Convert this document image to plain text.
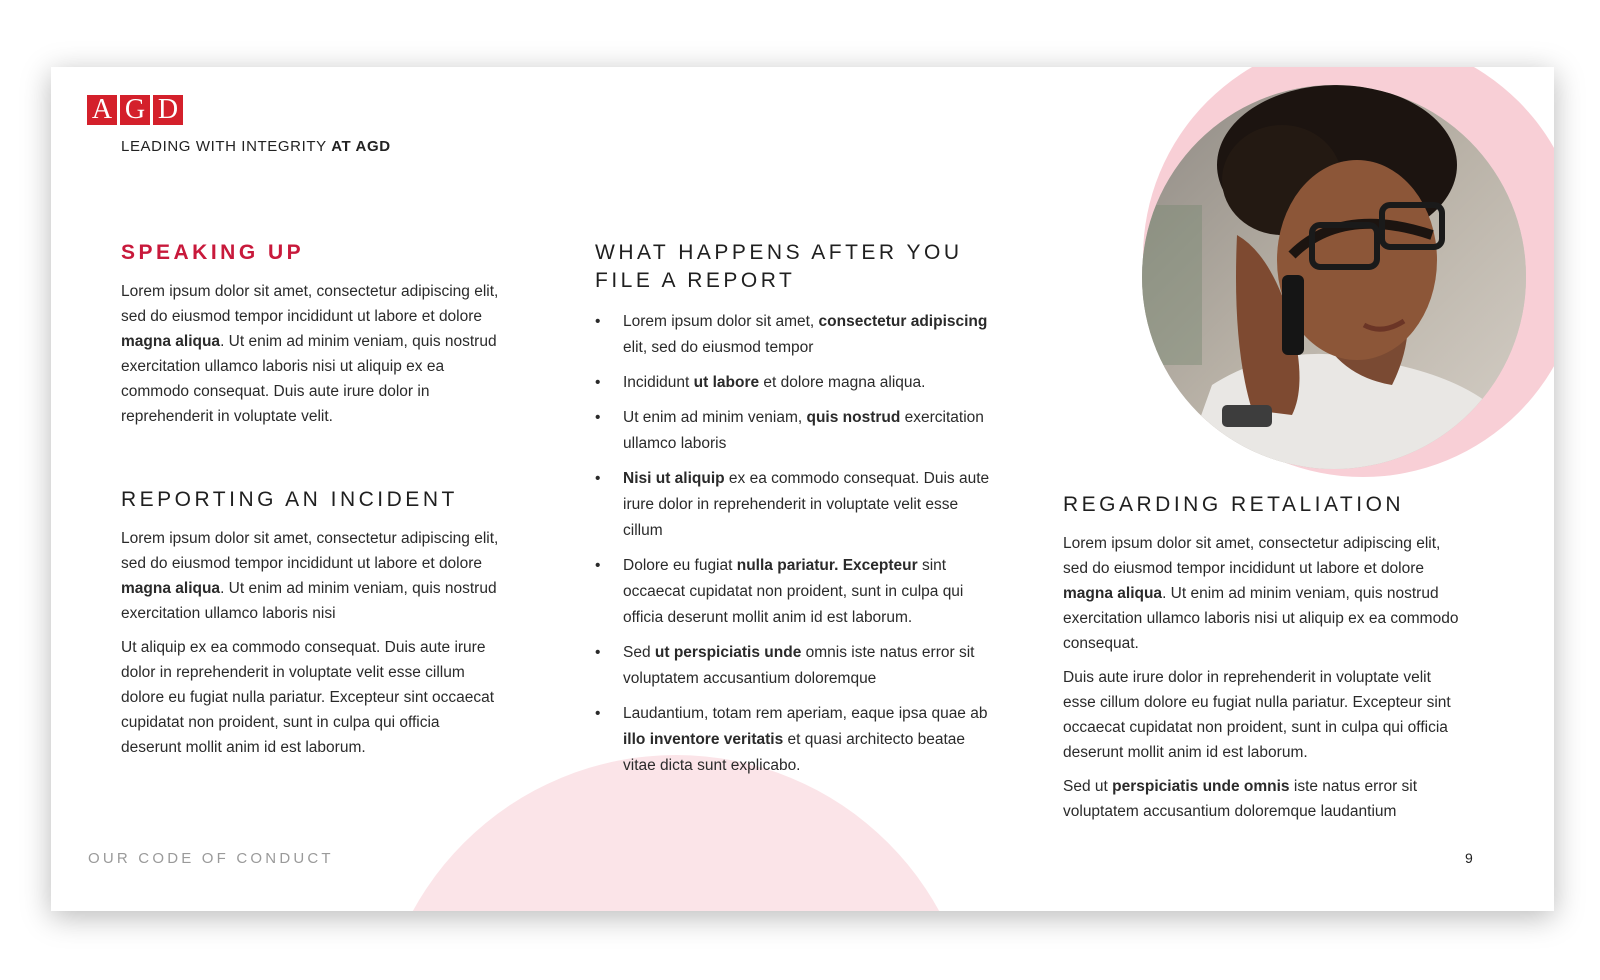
A G D
LEADING WITH INTEGRITY AT AGD
SPEAKING UP

Lorem ipsum dolor sit amet, consectetur adipiscing elit, sed do eiusmod tempor incididunt ut labore et dolore magna aliqua. Ut enim ad minim veniam, quis nostrud exercitation ullamco laboris nisi ut aliquip ex ea commodo consequat. Duis aute irure dolor in reprehenderit in voluptate velit.

REPORTING AN INCIDENT

Lorem ipsum dolor sit amet, consectetur adipiscing elit, sed do eiusmod tempor incididunt ut labore et dolore magna aliqua. Ut enim ad minim veniam, quis nostrud exercitation ullamco laboris nisi

Ut aliquip ex ea commodo consequat. Duis aute irure dolor in reprehenderit in voluptate velit esse cillum dolore eu fugiat nulla pariatur. Excepteur sint occaecat cupidatat non proident, sunt in culpa qui officia deserunt mollit anim id est laborum.

WHAT HAPPENS AFTER YOU
FILE A REPORT
• Lorem ipsum dolor sit amet, consectetur adipiscing elit, sed do eiusmod tempor
• Incididunt ut labore et dolore magna aliqua.
• Ut enim ad minim veniam, quis nostrud exercitation ullamco laboris
• Nisi ut aliquip ex ea commodo consequat. Duis aute irure dolor in reprehenderit in voluptate velit esse cillum
• Dolore eu fugiat nulla pariatur. Excepteur sint occaecat cupidatat non proident, sunt in culpa qui officia deserunt mollit anim id est laborum.
• Sed ut perspiciatis unde omnis iste natus error sit voluptatem accusantium doloremque
• Laudantium, totam rem aperiam, eaque ipsa quae ab illo inventore veritatis et quasi architecto beatae vitae dicta sunt explicabo.
REGARDING RETALIATION

Lorem ipsum dolor sit amet, consectetur adipiscing elit, sed do eiusmod tempor incididunt ut labore et dolore magna aliqua. Ut enim ad minim veniam, quis nostrud exercitation ullamco laboris nisi ut aliquip ex ea commodo consequat.

Duis aute irure dolor in reprehenderit in voluptate velit esse cillum dolore eu fugiat nulla pariatur. Excepteur sint occaecat cupidatat non proident, sunt in culpa qui officia deserunt mollit anim id est laborum.

Sed ut perspiciatis unde omnis iste natus error sit voluptatem accusantium doloremque laudantium

OUR CODE OF CONDUCT	9
